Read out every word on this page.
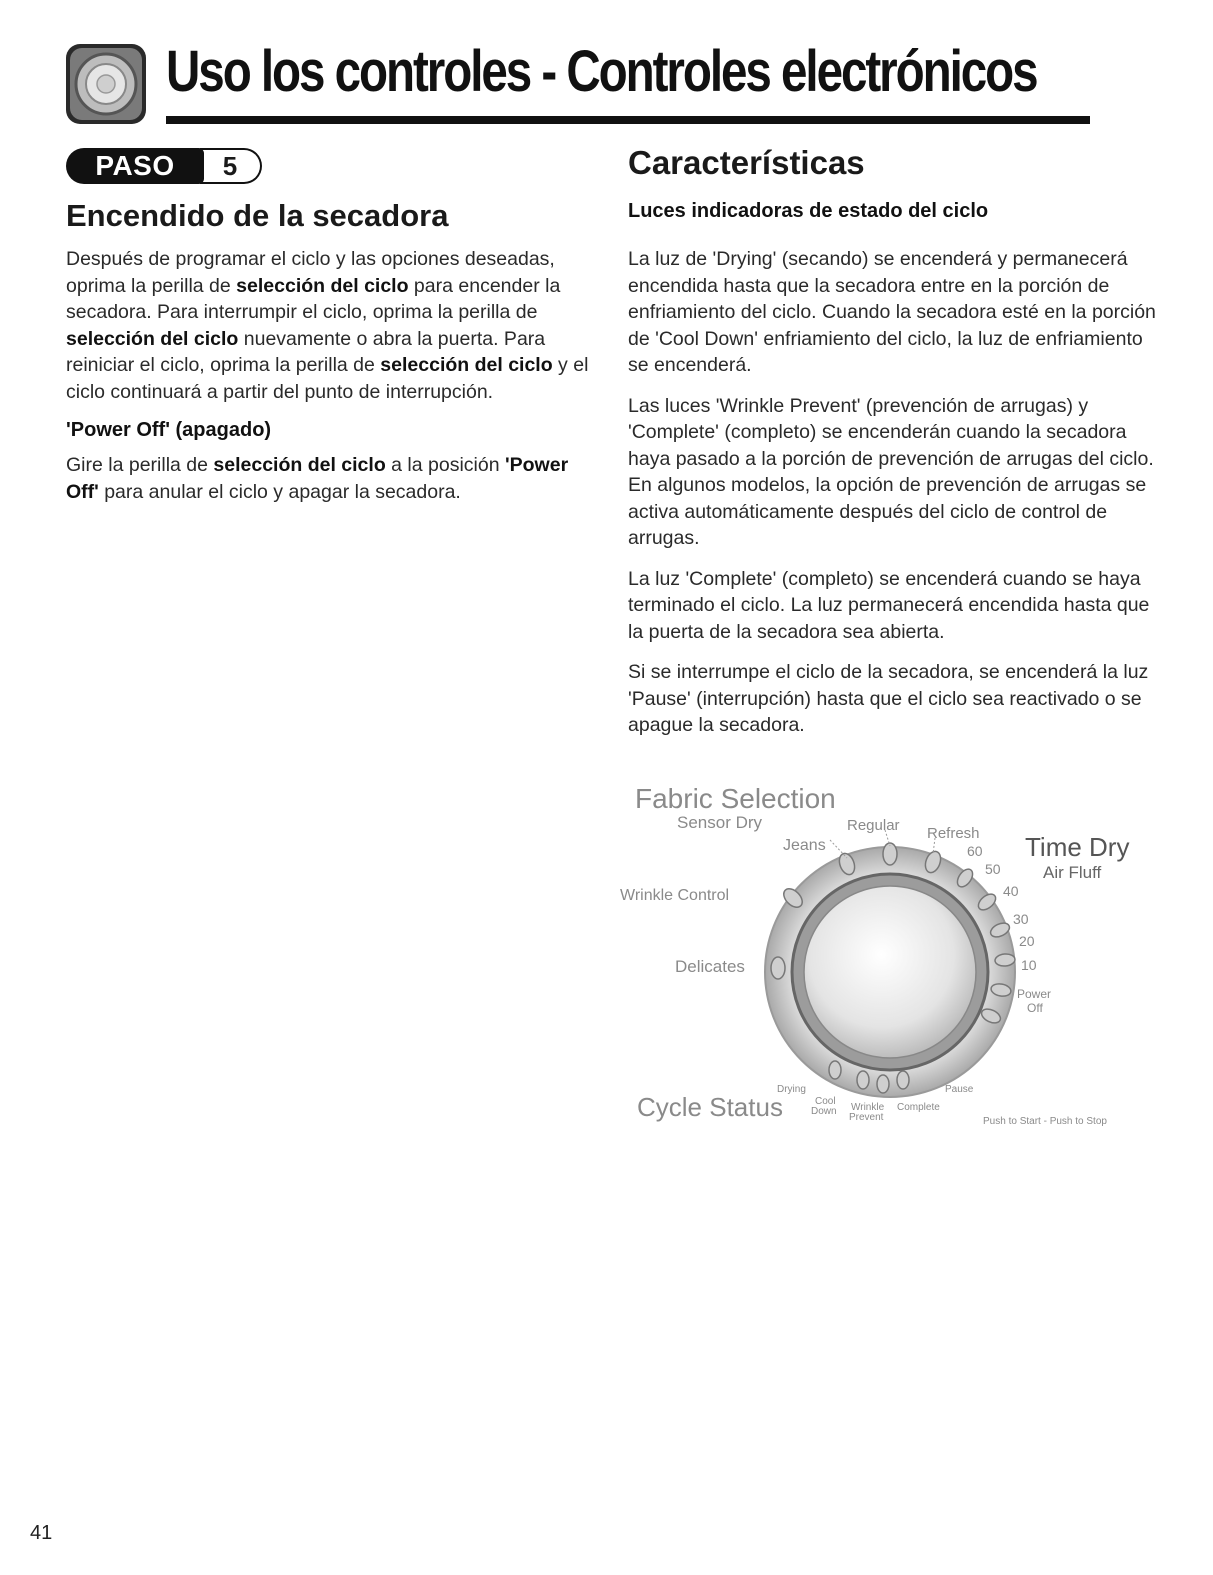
Uso los controles - Controles electrónicos
PASO	5
Encendido de la secadora

Después de programar el ciclo y las opciones deseadas, oprima la perilla de selección del ciclo para encender la secadora. Para interrumpir el ciclo, oprima la perilla de selección del ciclo nuevamente o abra la puerta. Para reiniciar el ciclo, oprima la perilla de selección del ciclo y el ciclo continuará a partir del punto de interrupción.

'Power Off' (apagado)

Gire la perilla de selección del ciclo a la posición 'Power Off' para anular el ciclo y apagar la secadora.

Características
Luces indicadoras de estado del ciclo

La luz de 'Drying' (secando) se encenderá y permanecerá encendida hasta que la secadora entre en la porción de enfriamiento del ciclo. Cuando la secadora esté en la porción de 'Cool Down' enfriamiento del ciclo, la luz de enfriamiento se encenderá.

Las luces 'Wrinkle Prevent' (prevención de arrugas) y 'Complete' (completo) se encenderán cuando la secadora haya pasado a la porción de prevención de arrugas del ciclo. En algunos modelos, la opción de prevención de arrugas se activa automáticamente después del ciclo de control de arrugas.

La luz 'Complete' (completo) se encenderá cuando se haya terminado el ciclo. La luz permanecerá encendida hasta que la puerta de la secadora sea abierta.

Si se interrumpe el ciclo de la secadora, se encenderá la luz 'Pause' (interrupción) hasta que el ciclo sea reactivado o se apague la secadora.

Fabric Selection
Sensor Dry	Regular Refresh
Jeans	Time Dry
Air Fluff
Wrinkle Control
Delicates
60
50
40
30
20
10
Power
Off
Cycle Status
Drying
Cool
Down Wrinkle
Prevent
Complete
Pause
Push to Start - Push to Stop
41
